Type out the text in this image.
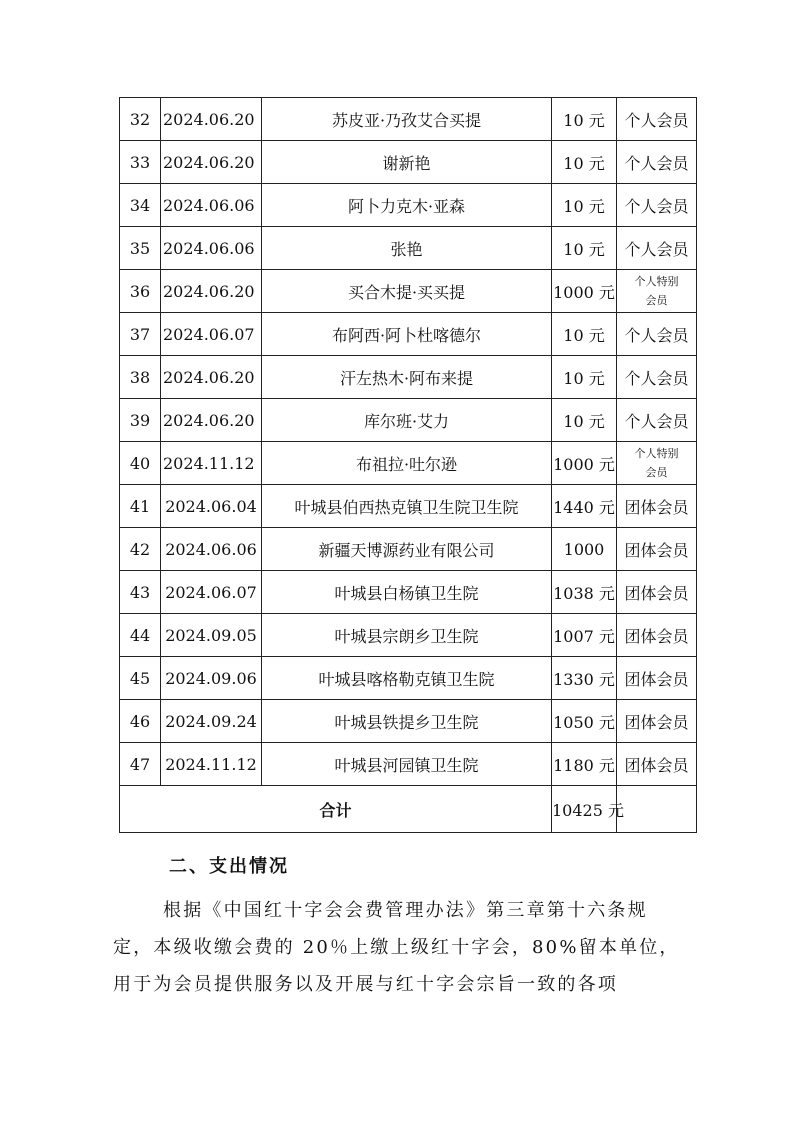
32	2024.06.20	苏皮亚·乃孜艾合买提	10 元	个人会员
33	2024.06.20	谢新艳	10 元	个人会员
34	2024.06.06	阿卜力克木·亚森	10 元	个人会员
35	2024.06.06	张艳	10 元	个人会员
36	2024.06.20	买合木提·买买提	1000 元	个人特别
会员
37	2024.06.07	布阿西·阿卜杜喀德尔	10 元	个人会员
38	2024.06.20	汗左热木·阿布来提	10 元	个人会员
39	2024.06.20	库尔班·艾力	10 元	个人会员
40	2024.11.12	布祖拉·吐尔逊	1000 元	个人特别
会员
41	2024.06.04	叶城县伯西热克镇卫生院卫生院	1440 元	团体会员
42	2024.06.06	新疆天博源药业有限公司	1000	团体会员
43	2024.06.07	叶城县白杨镇卫生院	1038 元	团体会员
44	2024.09.05	叶城县宗朗乡卫生院	1007 元	团体会员
45	2024.09.06	叶城县喀格勒克镇卫生院	1330 元	团体会员
46	2024.09.24	叶城县铁提乡卫生院	1050 元	团体会员
47	2024.11.12	叶城县河园镇卫生院	1180 元	团体会员
合计			10425 元	
二、支出情况
根据《中国红十字会会费管理办法》第三章第十六条规
定，本级收缴会费的 20％上缴上级红十字会，80%留本单位，
用于为会员提供服务以及开展与红十字会宗旨一致的各项
